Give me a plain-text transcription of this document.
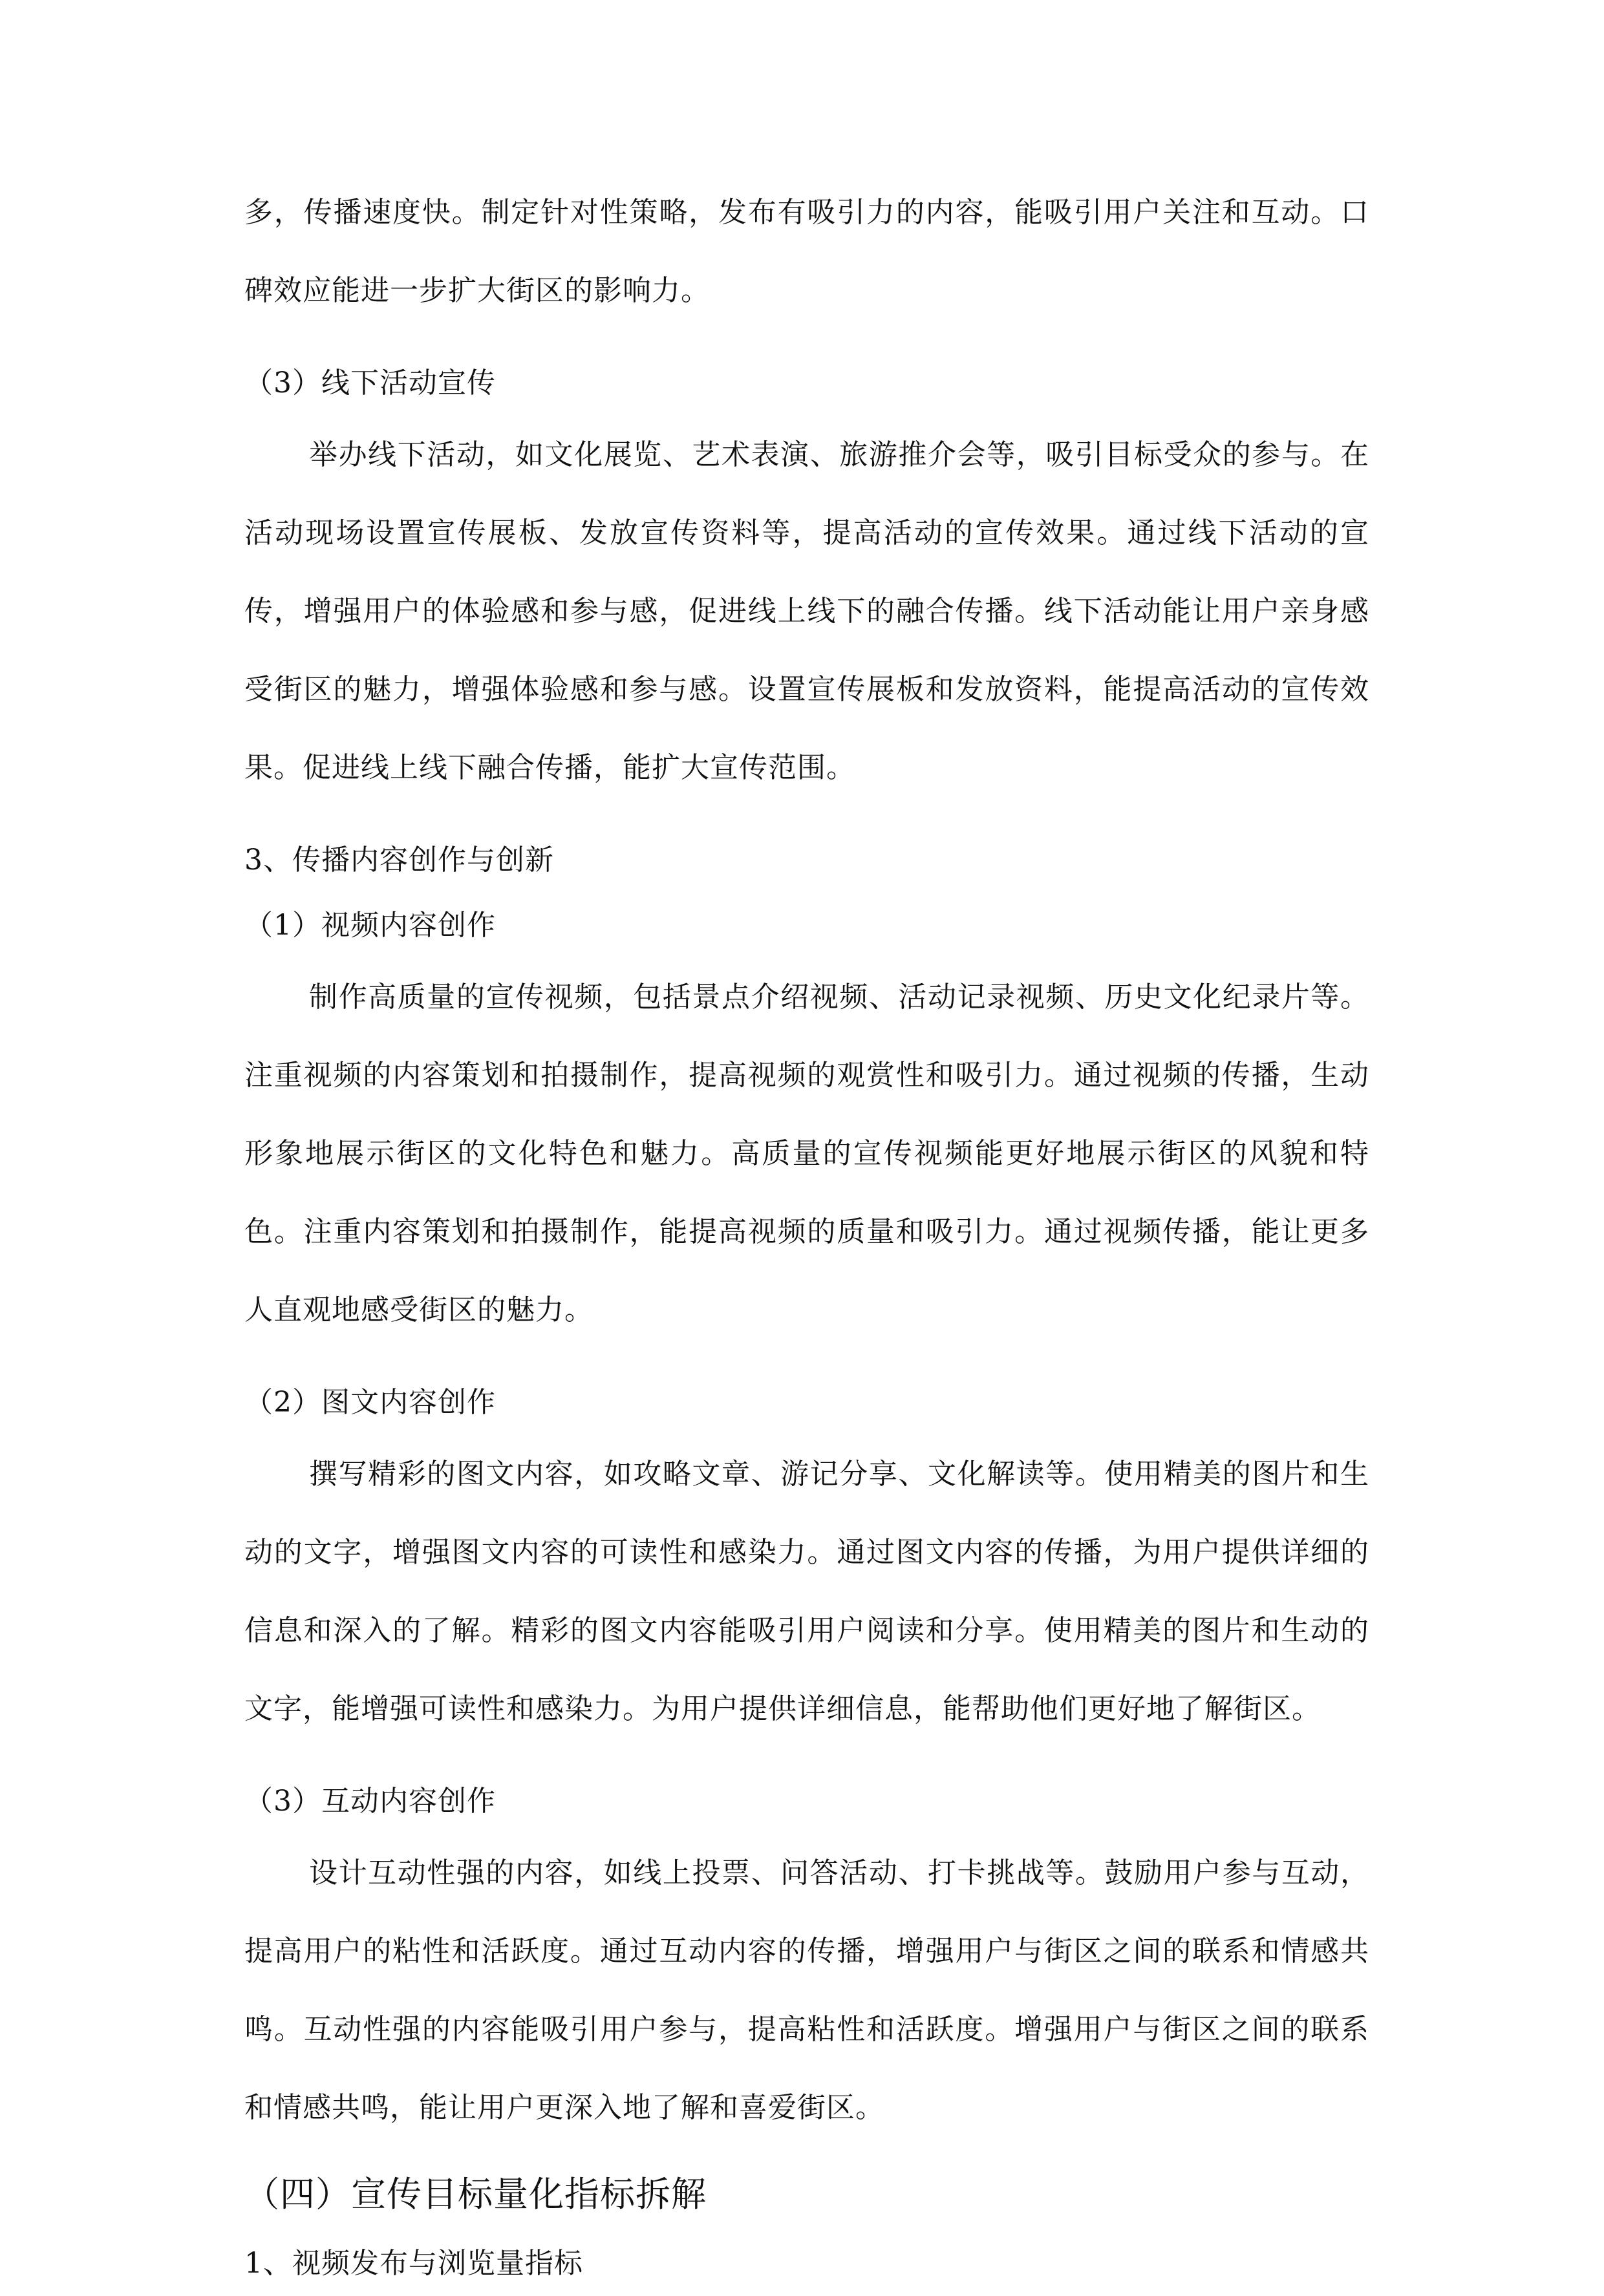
多，传播速度快。制定针对性策略，发布有吸引力的内容，能吸引用户关注和互动。口碑效应能进一步扩大街区的影响力。

（3）线下活动宣传

举办线下活动，如文化展览、艺术表演、旅游推介会等，吸引目标受众的参与。在活动现场设置宣传展板、发放宣传资料等，提高活动的宣传效果。通过线下活动的宣传，增强用户的体验感和参与感，促进线上线下的融合传播。线下活动能让用户亲身感受街区的魅力，增强体验感和参与感。设置宣传展板和发放资料，能提高活动的宣传效果。促进线上线下融合传播，能扩大宣传范围。

3、传播内容创作与创新

（1）视频内容创作

制作高质量的宣传视频，包括景点介绍视频、活动记录视频、历史文化纪录片等。注重视频的内容策划和拍摄制作，提高视频的观赏性和吸引力。通过视频的传播，生动形象地展示街区的文化特色和魅力。高质量的宣传视频能更好地展示街区的风貌和特色。注重内容策划和拍摄制作，能提高视频的质量和吸引力。通过视频传播，能让更多人直观地感受街区的魅力。

（2）图文内容创作

撰写精彩的图文内容，如攻略文章、游记分享、文化解读等。使用精美的图片和生动的文字，增强图文内容的可读性和感染力。通过图文内容的传播，为用户提供详细的信息和深入的了解。精彩的图文内容能吸引用户阅读和分享。使用精美的图片和生动的文字，能增强可读性和感染力。为用户提供详细信息，能帮助他们更好地了解街区。

（3）互动内容创作

设计互动性强的内容，如线上投票、问答活动、打卡挑战等。鼓励用户参与互动，提高用户的粘性和活跃度。通过互动内容的传播，增强用户与街区之间的联系和情感共鸣。互动性强的内容能吸引用户参与，提高粘性和活跃度。增强用户与街区之间的联系和情感共鸣，能让用户更深入地了解和喜爱街区。

（四）宣传目标量化指标拆解

1、视频发布与浏览量指标
